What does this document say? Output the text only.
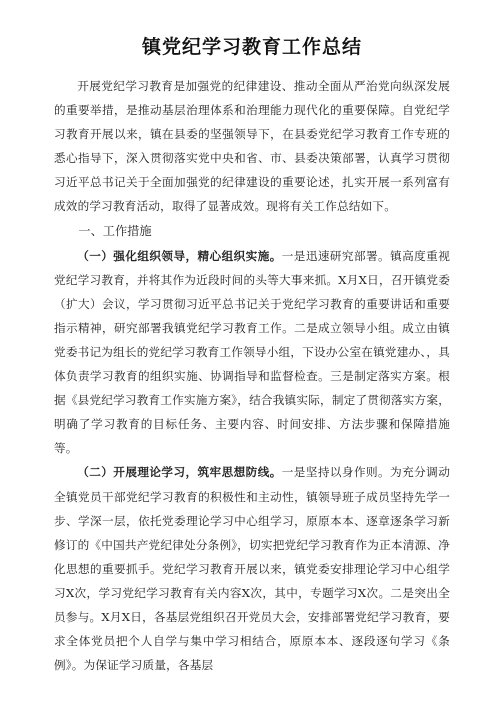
镇党纪学习教育工作总结

开展党纪学习教育是加强党的纪律建设、推动全面从严治党向纵深发展的重要举措，是推动基层治理体系和治理能力现代化的重要保障。自党纪学习教育开展以来，镇在县委的坚强领导下，在县委党纪学习教育工作专班的悉心指导下，深入贯彻落实党中央和省、市、县委决策部署，认真学习贯彻习近平总书记关于全面加强党的纪律建设的重要论述，扎实开展一系列富有成效的学习教育活动，取得了显著成效。现将有关工作总结如下。

一、工作措施

（一）强化组织领导，精心组织实施。一是迅速研究部署。镇高度重视党纪学习教育，并将其作为近段时间的头等大事来抓。X月X日，召开镇党委（扩大）会议，学习贯彻习近平总书记关于党纪学习教育的重要讲话和重要指示精神，研究部署我镇党纪学习教育工作。二是成立领导小组。成立由镇党委书记为组长的党纪学习教育工作领导小组，下设办公室在镇党建办、，具体负责学习教育的组织实施、协调指导和监督检查。三是制定落实方案。根据《县党纪学习教育工作实施方案》，结合我镇实际，制定了贯彻落实方案，明确了学习教育的目标任务、主要内容、时间安排、方法步骤和保障措施等。

（二）开展理论学习，筑牢思想防线。一是坚持以身作则。为充分调动全镇党员干部党纪学习教育的积极性和主动性，镇领导班子成员坚持先学一步、学深一层，依托党委理论学习中心组学习，原原本本、逐章逐条学习新修订的《中国共产党纪律处分条例》，切实把党纪学习教育作为正本清源、净化思想的重要抓手。党纪学习教育开展以来，镇党委安排理论学习中心组学习X次，学习党纪学习教育有关内容X次，其中，专题学习X次。二是突出全员参与。X月X日，各基层党组织召开党员大会，安排部署党纪学习教育，要求全体党员把个人自学与集中学习相结合，原原本本、逐段逐句学习《条例》。为保证学习质量，各基层
